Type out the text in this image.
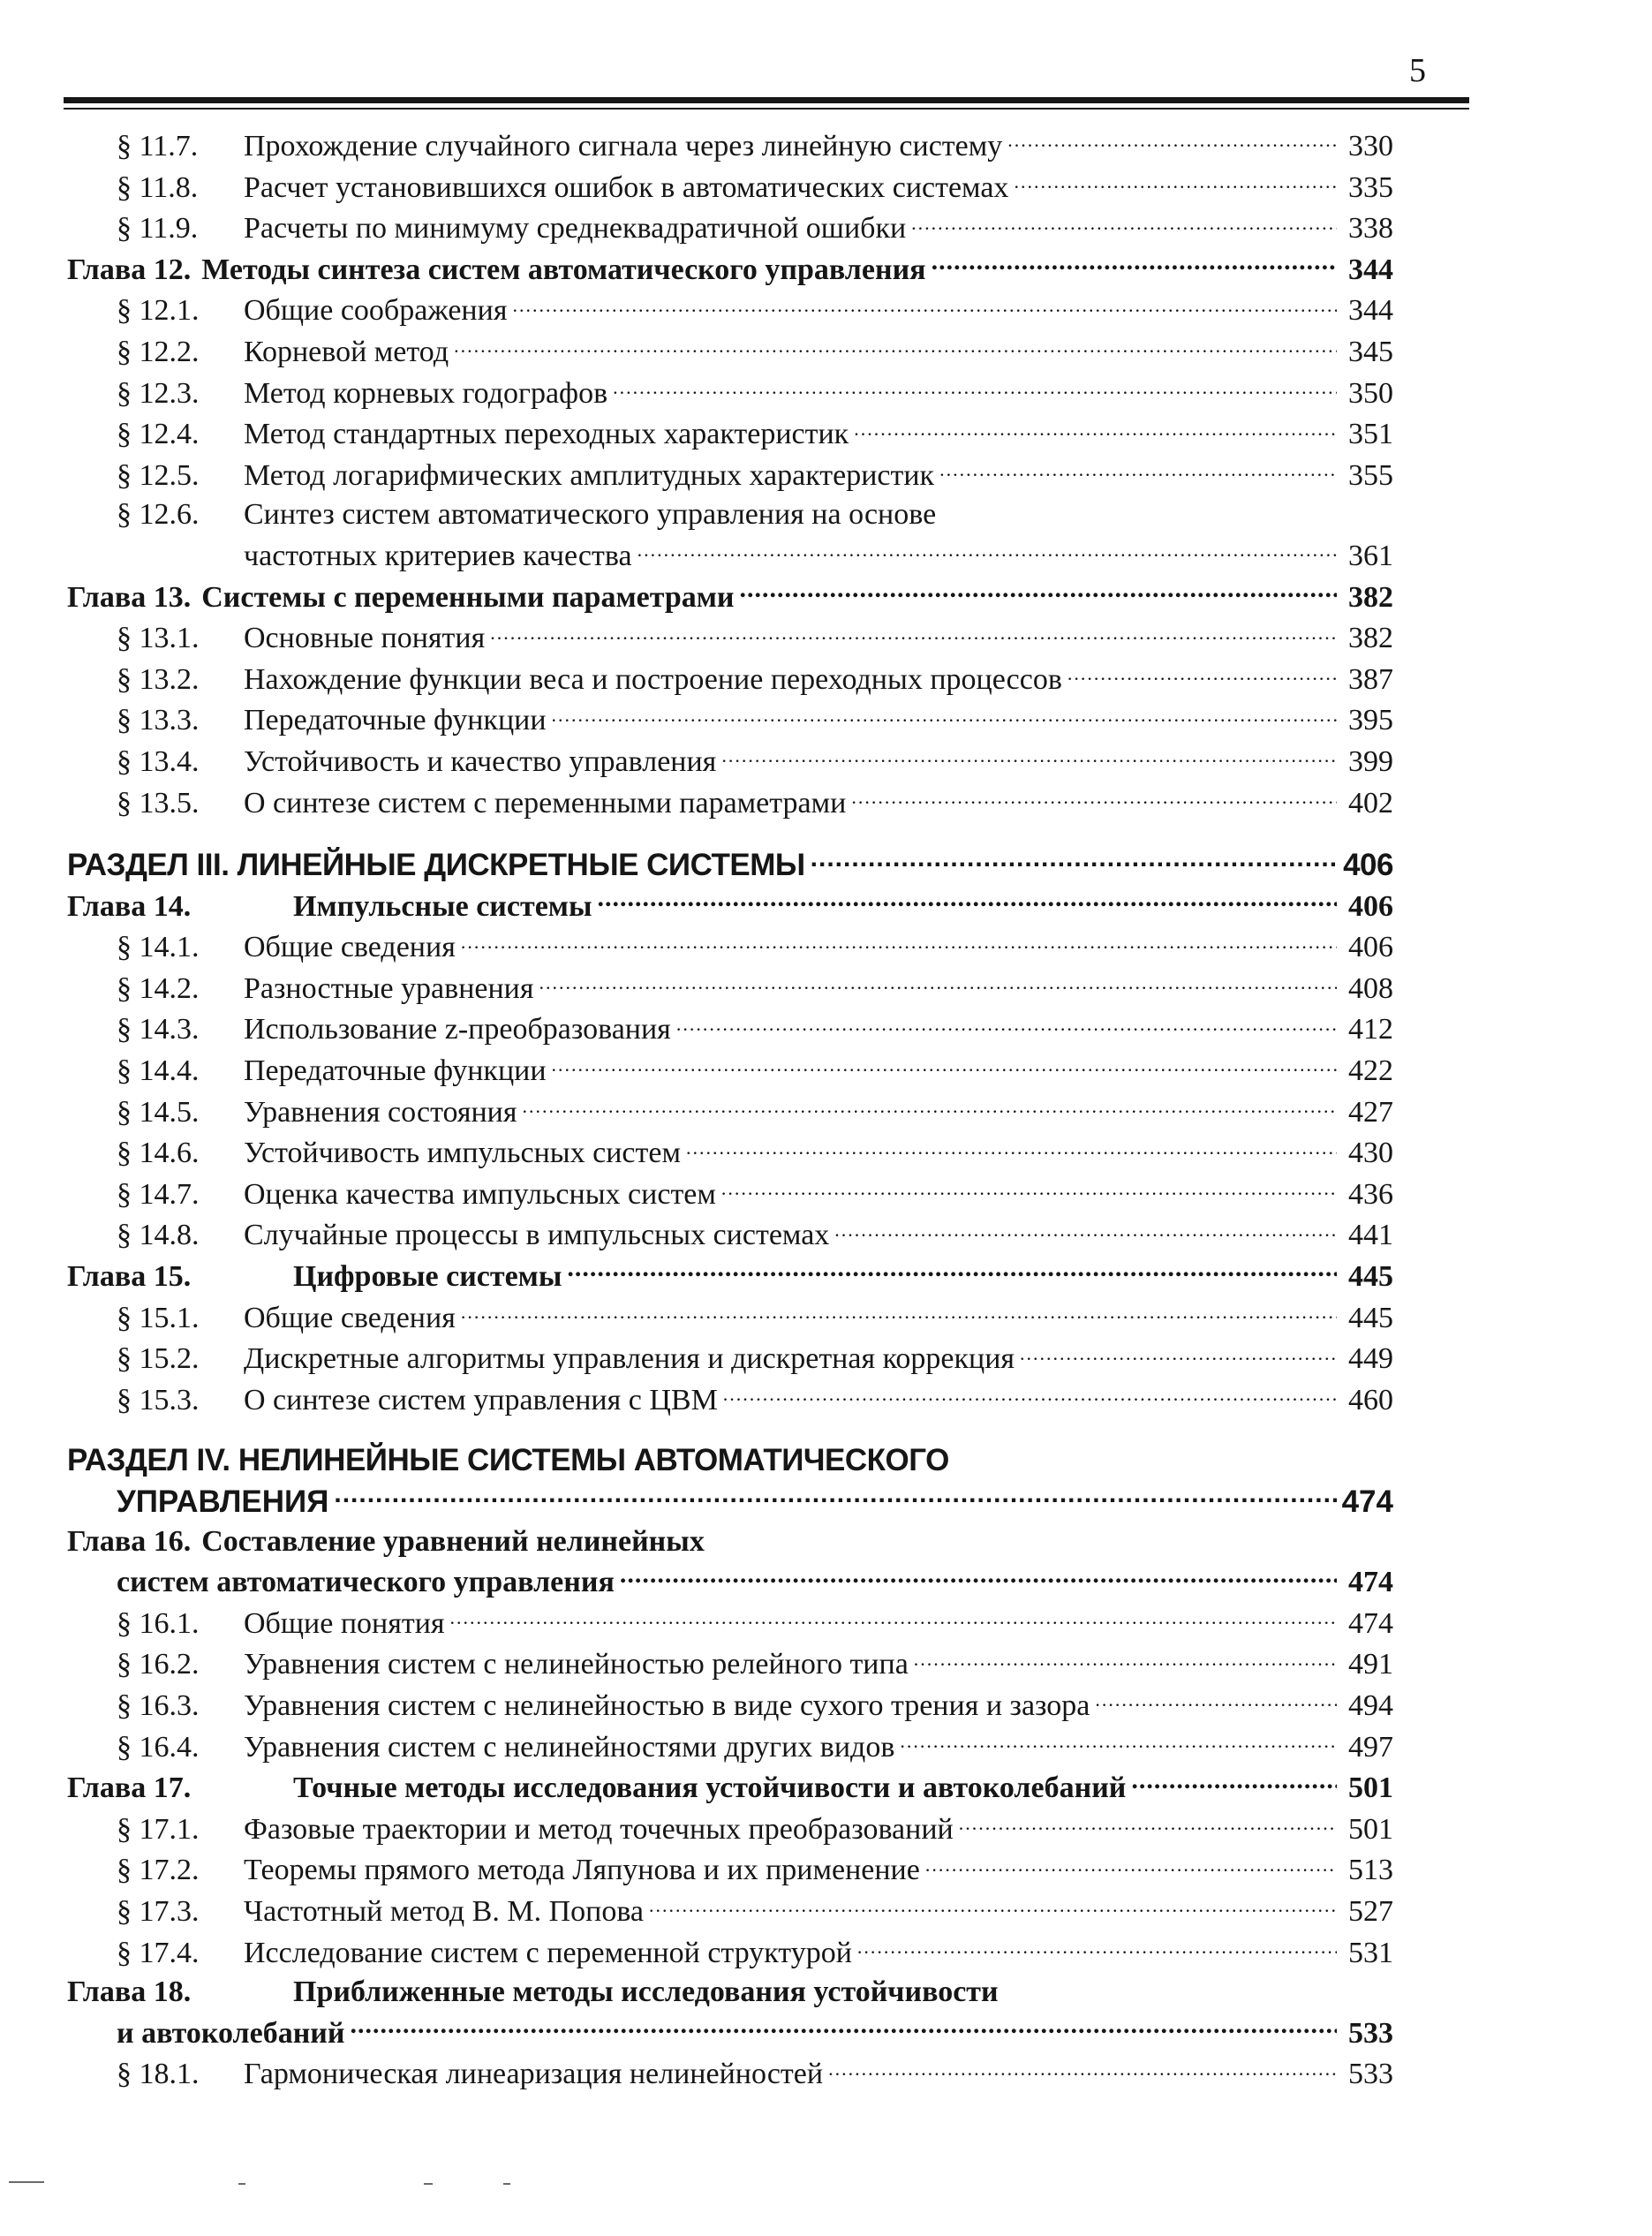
5
§ 11.7.	Прохождение случайного сигнала через линейную систему .....	330
§ 11.8.	Расчет установившихся ошибок в автоматических системах .....	335
§ 11.9.	Расчеты по минимуму среднеквадратичной ошибки .....	338
Глава 12. Методы синтеза систем автоматического управления .....	344
§ 12.1.	Общие соображения .....	344
§ 12.2.	Корневой метод .....	345
§ 12.3.	Метод корневых годографов .....	350
§ 12.4.	Метод стандартных переходных характеристик .....	351
§ 12.5.	Метод логарифмических амплитудных характеристик .....	355
§ 12.6.	Синтез систем автоматического управления на основе
частотных критериев качества .....	361
Глава 13. Системы с переменными параметрами .....	382
§ 13.1.	Основные понятия .....	382
§ 13.2.	Нахождение функции веса и построение переходных процессов .....	387
§ 13.3.	Передаточные функции .....	395
§ 13.4.	Устойчивость и качество управления .....	399
§ 13.5.	О синтезе систем с переменными параметрами .....	402
РАЗДЕЛ III. ЛИНЕЙНЫЕ ДИСКРЕТНЫЕ СИСТЕМЫ .....	406
Глава 14.	Импульсные системы .....	406
§ 14.1.	Общие сведения .....	406
§ 14.2.	Разностные уравнения .....	408
§ 14.3.	Использование z-преобразования .....	412
§ 14.4.	Передаточные функции .....	422
§ 14.5.	Уравнения состояния .....	427
§ 14.6.	Устойчивость импульсных систем .....	430
§ 14.7.	Оценка качества импульсных систем .....	436
§ 14.8.	Случайные процессы в импульсных системах .....	441
Глава 15.	Цифровые системы .....	445
§ 15.1.	Общие сведения .....	445
§ 15.2.	Дискретные алгоритмы управления и дискретная коррекция .....	449
§ 15.3.	О синтезе систем управления с ЦВМ .....	460
РАЗДЕЛ IV. НЕЛИНЕЙНЫЕ СИСТЕМЫ АВТОМАТИЧЕСКОГО
УПРАВЛЕНИЯ .....	474
Глава 16. Составление уравнений нелинейных
систем автоматического управления .....	474
§ 16.1.	Общие понятия .....	474
§ 16.2.	Уравнения систем с нелинейностью релейного типа .....	491
§ 16.3.	Уравнения систем с нелинейностью в виде сухого трения и зазора .....	494
§ 16.4.	Уравнения систем с нелинейностями других видов .....	497
Глава 17.	Точные методы исследования устойчивости и автоколебаний .....	501
§ 17.1.	Фазовые траектории и метод точечных преобразований .....	501
§ 17.2.	Теоремы прямого метода Ляпунова и их применение .....	513
§ 17.3.	Частотный метод В. М. Попова .....	527
§ 17.4.	Исследование систем с переменной структурой .....	531
Глава 18.	Приближенные методы исследования устойчивости
и автоколебаний .....	533
§ 18.1.	Гармоническая линеаризация нелинейностей .....	533
